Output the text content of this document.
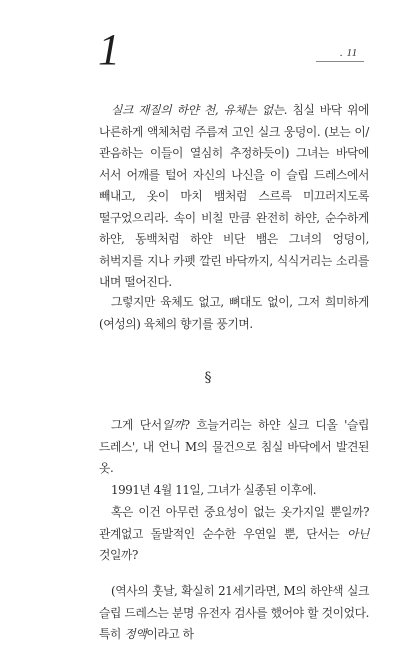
1	. 11

실크 재질의 하얀 천, 유체는 없는. 침실 바닥 위에 나른하게 액체처럼 주름져 고인 실크 웅덩이. (보는 이/관음하는 이들이 열심히 추정하듯이) 그녀는 바닥에 서서 어깨를 털어 자신의 나신을 이 슬립 드레스에서 빼내고, 옷이 마치 뱀처럼 스르륵 미끄러지도록 떨구었으리라. 속이 비칠 만큼 완전히 하얀, 순수하게 하얀, 동백처럼 하얀 비단 뱀은 그녀의 엉덩이, 허벅지를 지나 카펫 깔린 바닥까지, 식식거리는 소리를 내며 떨어진다.

그렇지만 육체도 없고, 뼈대도 없이, 그저 희미하게 (여성의) 육체의 향기를 풍기며.

§

그게 단서일까? 흐늘거리는 하얀 실크 디올 '슬립 드레스', 내 언니 M의 물건으로 침실 바닥에서 발견된 옷.

1991년 4월 11일, 그녀가 실종된 이후에.

혹은 이건 아무런 중요성이 없는 옷가지일 뿐일까? 관계없고 돌발적인 순수한 우연일 뿐, 단서는 아닌 것일까?

(역사의 훗날, 확실히 21세기라면, M의 하얀색 실크 슬립 드레스는 분명 유전자 검사를 했어야 할 것이었다. 특히 정액이라고 하
